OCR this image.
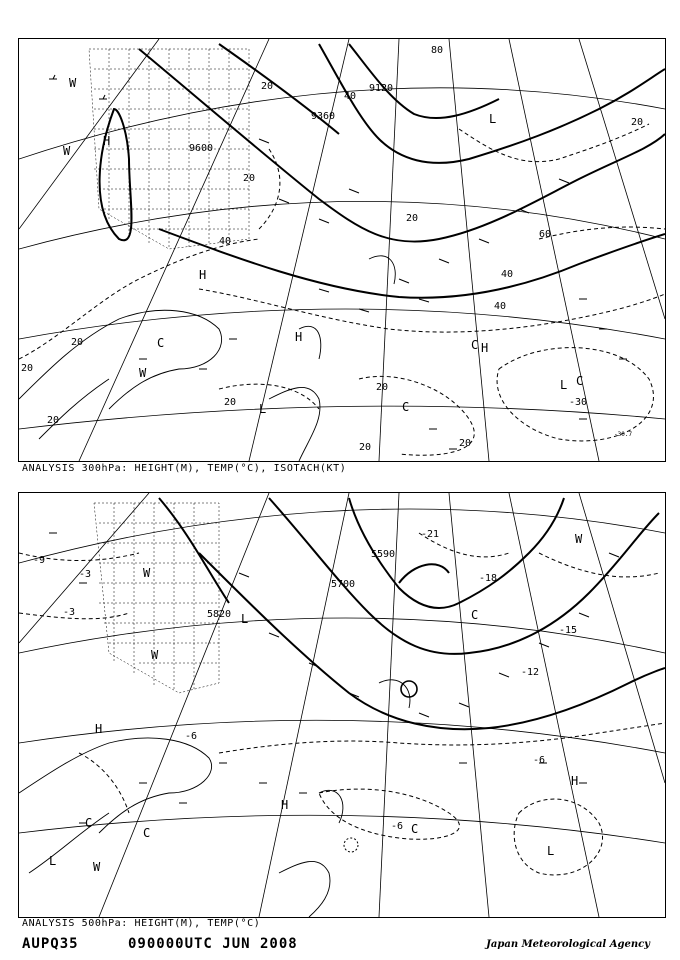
9600
9360
9120
20
20
20
40
40
40
60
80
20
20
20
20
20
20	20
40
20
H
H
H
C	C
C
C
L
L
L
W
W
W
H
-30
-30.7
ANALYSIS 300hPa: HEIGHT(M), TEMP(°C), ISOTACH(KT)
5590
5700
5820
-9
-3
-3
-21
-18
-15
-12
-6
-6
-6
W
W
L
H
W
C
C
H
L
W
L
C
C
H
ANALYSIS 500hPa: HEIGHT(M), TEMP(°C)
AUPQ35	090000UTC JUN 2008	Japan Meteorological Agency
